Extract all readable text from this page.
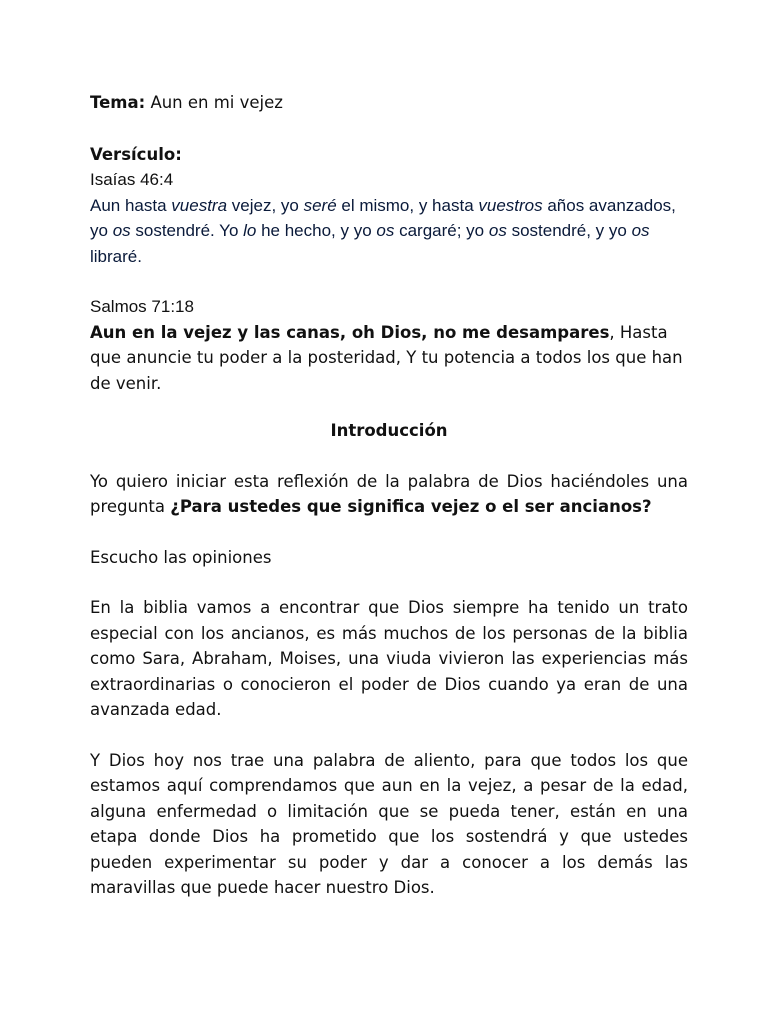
Tema: Aun en mi vejez

Versículo:

Isaías 46:4

Aun hasta vuestra vejez, yo seré el mismo, y hasta vuestros años avanzados, yo os sostendré. Yo lo he hecho, y yo os cargaré; yo os sostendré, y yo os libraré.

Salmos 71:18

Aun en la vejez y las canas, oh Dios, no me desampares, Hasta que anuncie tu poder a la posteridad, Y tu potencia a todos los que han de venir.

Introducción

Yo quiero iniciar esta reflexión de la palabra de Dios haciéndoles una pregunta ¿Para ustedes que significa vejez o el ser ancianos?

Escucho las opiniones

En la biblia vamos a encontrar que Dios siempre ha tenido un trato especial con los ancianos, es más muchos de los personas de la biblia como Sara, Abraham, Moises, una viuda vivieron las experiencias más extraordinarias o conocieron el poder de Dios cuando ya eran de una avanzada edad.

Y Dios hoy nos trae una palabra de aliento, para que todos los que estamos aquí comprendamos que aun en la vejez, a pesar de la edad, alguna enfermedad o limitación que se pueda tener, están en una etapa donde Dios ha prometido que los sostendrá y que ustedes pueden experimentar su poder y dar a conocer a los demás las maravillas que puede hacer nuestro Dios.
